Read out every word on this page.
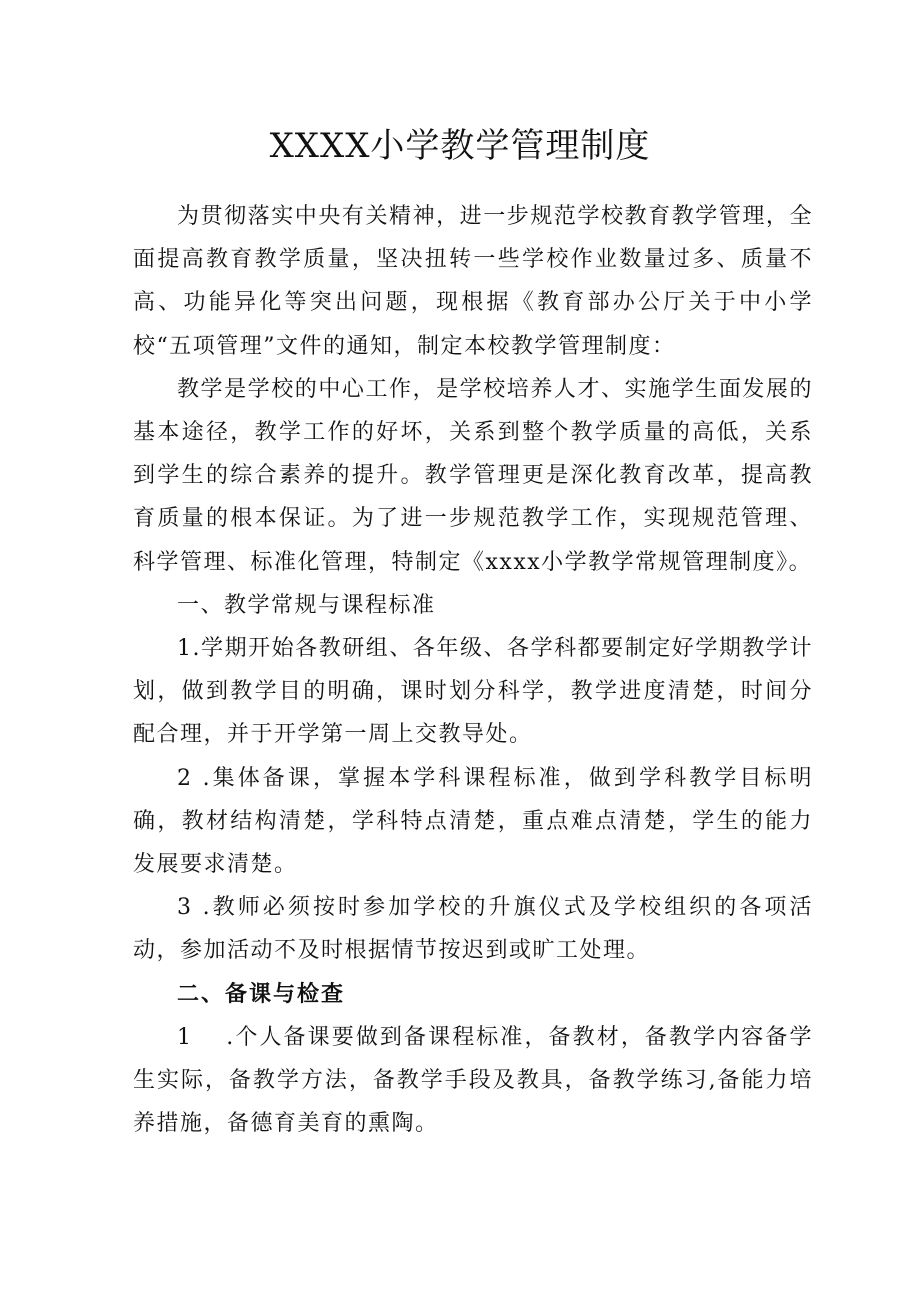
XXXX小学教学管理制度

为贯彻落实中央有关精神，进一步规范学校教育教学管理，全面提高教育教学质量，坚决扭转一些学校作业数量过多、质量不高、功能异化等突出问题，现根据《教育部办公厅关于中小学校“五项管理”文件的通知，制定本校教学管理制度：

教学是学校的中心工作，是学校培养人才、实施学生面发展的基本途径，教学工作的好坏，关系到整个教学质量的高低，关系到学生的综合素养的提升。教学管理更是深化教育改革，提高教育质量的根本保证。为了进一步规范教学工作，实现规范管理、科学管理、标准化管理，特制定《xxxx小学教学常规管理制度》。

一、教学常规与课程标准

1.学期开始各教研组、各年级、各学科都要制定好学期教学计划，做到教学目的明确，课时划分科学，教学进度清楚，时间分配合理，并于开学第一周上交教导处。

2 .集体备课，掌握本学科课程标准，做到学科教学目标明确，教材结构清楚，学科特点清楚，重点难点清楚，学生的能力发展要求清楚。

3 .教师必须按时参加学校的升旗仪式及学校组织的各项活动，参加活动不及时根据情节按迟到或旷工处理。

二、备课与检查

1　 .个人备课要做到备课程标准，备教材，备教学内容备学生实际，备教学方法，备教学手段及教具，备教学练习,备能力培养措施，备德育美育的熏陶。
